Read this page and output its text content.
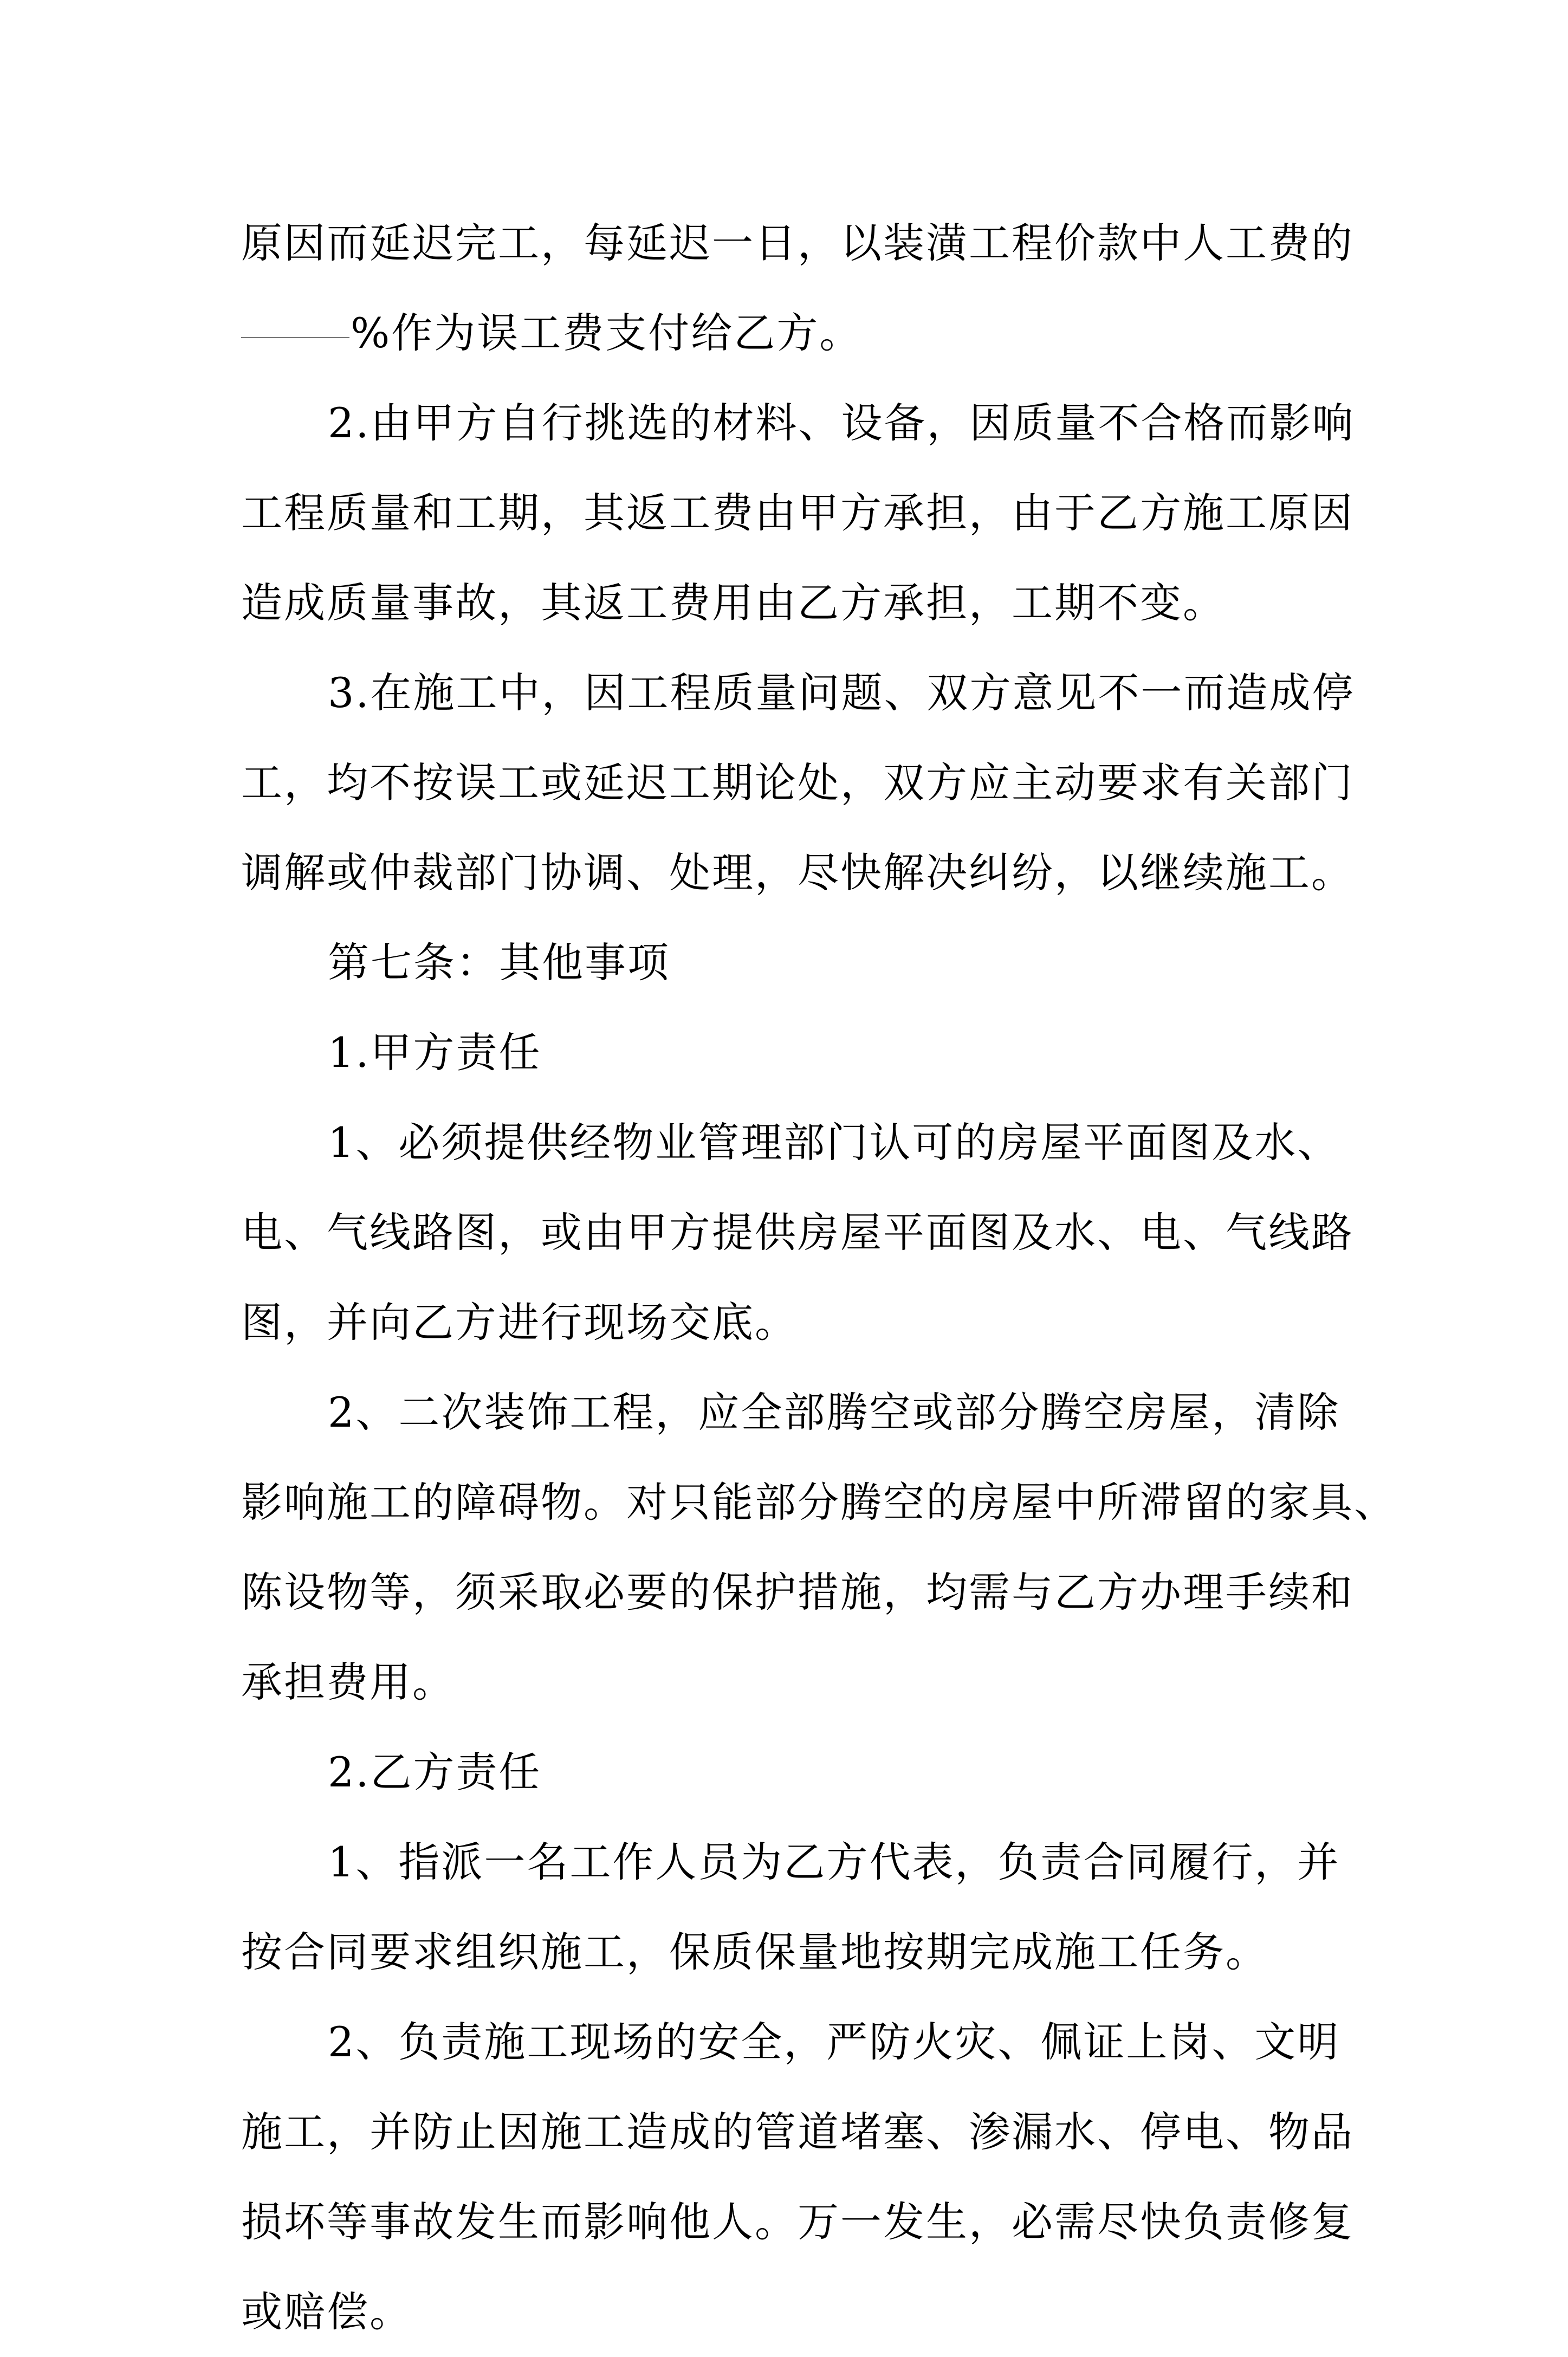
原因而延迟完工，每延迟一日，以装潢工程价款中人工费的
%作为误工费支付给乙方。
2.由甲方自行挑选的材料、设备，因质量不合格而影响
工程质量和工期，其返工费由甲方承担，由于乙方施工原因
造成质量事故，其返工费用由乙方承担，工期不变。
3.在施工中，因工程质量问题、双方意见不一而造成停
工，均不按误工或延迟工期论处，双方应主动要求有关部门
调解或仲裁部门协调、处理，尽快解决纠纷，以继续施工。
第七条：其他事项
1.甲方责任
1、必须提供经物业管理部门认可的房屋平面图及水、
电、气线路图，或由甲方提供房屋平面图及水、电、气线路
图，并向乙方进行现场交底。
2、二次装饰工程，应全部腾空或部分腾空房屋，清除
影响施工的障碍物。对只能部分腾空的房屋中所滞留的家具、
陈设物等，须采取必要的保护措施，均需与乙方办理手续和
承担费用。
2.乙方责任
1、指派一名工作人员为乙方代表，负责合同履行，并
按合同要求组织施工，保质保量地按期完成施工任务。
2、负责施工现场的安全，严防火灾、佩证上岗、文明
施工，并防止因施工造成的管道堵塞、渗漏水、停电、物品
损坏等事故发生而影响他人。万一发生，必需尽快负责修复
或赔偿。
